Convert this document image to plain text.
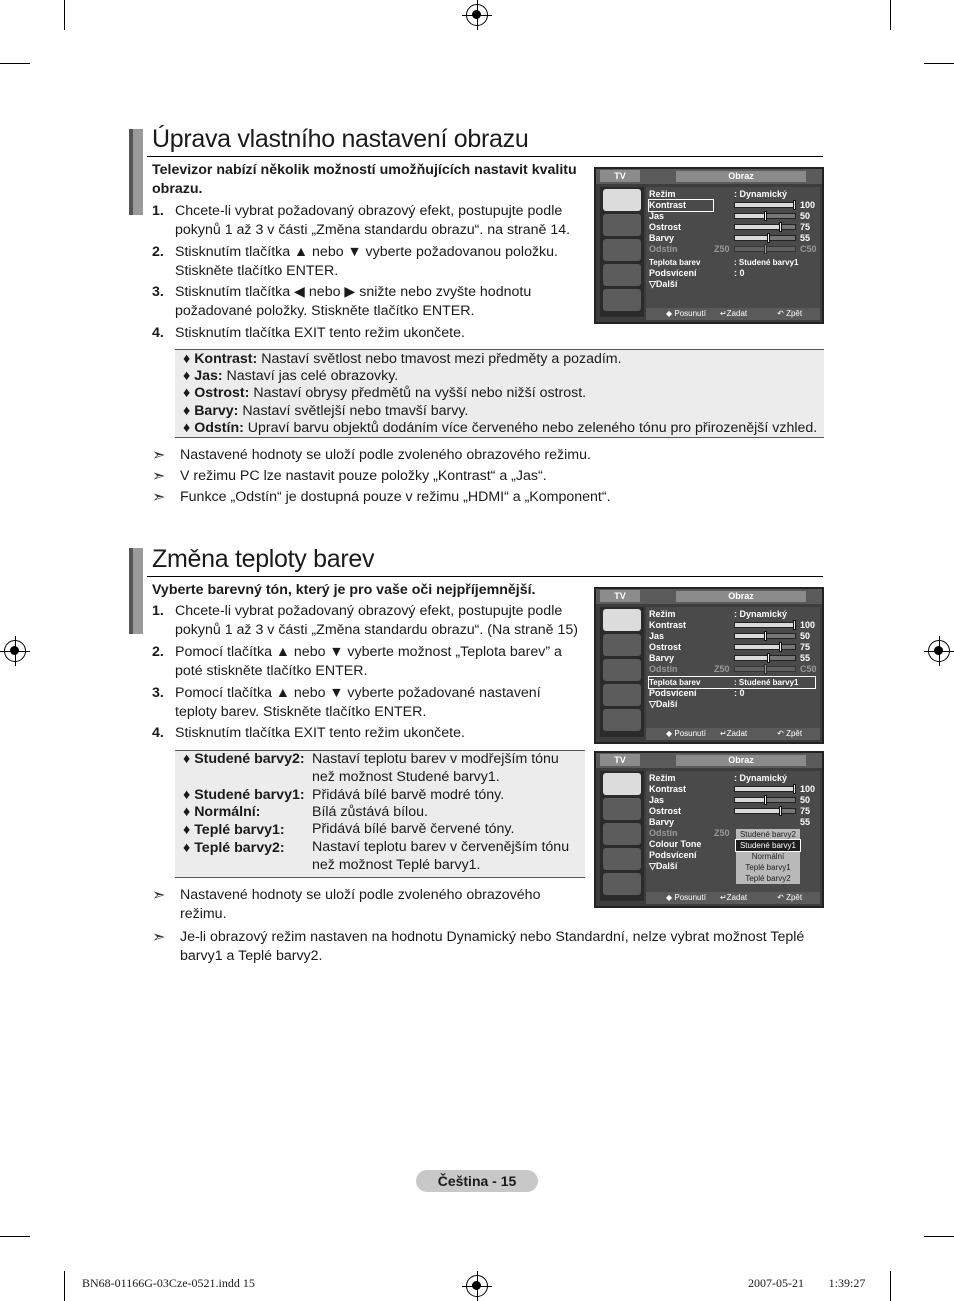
Úprava vlastního nastavení obrazu
Televizor nabízí několik možností umožňujících nastavit kvalitu obrazu.
1. Chcete-li vybrat požadovaný obrazový efekt, postupujte podle pokynů 1 až 3 v části „Změna standardu obrazu“. na straně 14.
2. Stisknutím tlačítka ▲ nebo ▼ vyberte požadovanou položku. Stiskněte tlačítko ENTER.
3. Stisknutím tlačítka ◀ nebo ▶ snižte nebo zvyšte hodnotu požadované položky. Stiskněte tlačítko ENTER.
4. Stisknutím tlačítka EXIT tento režim ukončete.
♦ Kontrast: Nastaví světlost nebo tmavost mezi předměty a pozadím.
♦ Jas: Nastaví jas celé obrazovky.
♦ Ostrost: Nastaví obrysy předmětů na vyšší nebo nižší ostrost.
♦ Barvy: Nastaví světlejší nebo tmavší barvy.
♦ Odstín: Upraví barvu objektů dodáním více červeného nebo zeleného tónu pro přirozenější vzhled.
➣ Nastavené hodnoty se uloží podle zvoleného obrazového režimu.
➣ V režimu PC lze nastavit pouze položky „Kontrast“ a „Jas“.
➣ Funkce „Odstín“ je dostupná pouze v režimu „HDMI“ a „Komponent“.
TV	Obraz
Režim	: Dynamický
Kontrast	100
Jas	50
Ostrost	75
Barvy	55
Odstín	Z50	C50
Teplota barev	: Studené barvy1
Podsvícení	: 0
▽Další
◆ Posunutí ↵Zadat	↶ Zpět
Změna teploty barev
Vyberte barevný tón, který je pro vaše oči nejpříjemnější.
1. Chcete-li vybrat požadovaný obrazový efekt, postupujte podle pokynů 1 až 3 v části „Změna standardu obrazu“. (Na straně 15)
2. Pomocí tlačítka ▲ nebo ▼ vyberte možnost „Teplota barev” a poté stiskněte tlačítko ENTER.
3. Pomocí tlačítka ▲ nebo ▼ vyberte požadované nastavení teploty barev. Stiskněte tlačítko ENTER.
4. Stisknutím tlačítka EXIT tento režim ukončete.
♦ Studené barvy2: Nastaví teplotu barev v modřejším tónu než možnost Studené barvy1.
♦ Studené barvy1: Přidává bílé barvě modré tóny.
♦ Normální:	Bílá zůstává bílou.
♦ Teplé barvy1: Přidává bílé barvě červené tóny.
♦ Teplé barvy2: Nastaví teplotu barev v červenějším tónu než možnost Teplé barvy1.
➣ Nastavené hodnoty se uloží podle zvoleného obrazového režimu.
➣ Je-li obrazový režim nastaven na hodnotu Dynamický nebo Standardní, nelze vybrat možnost Teplé barvy1 a Teplé barvy2.
TV	Obraz
Režim	: Dynamický
Kontrast	100
Jas	50
Ostrost	75
Barvy	55
Odstín	Z50	C50
Teplota barev	: Studené barvy1
Podsvícení	: 0
▽Další
◆ Posunutí ↵Zadat	↶ Zpět
TV	Obraz
Režim	: Dynamický
Kontrast	100
Jas	50
Ostrost	75
Barvy	55
Odstín	Z50
Colour Tone
Podsvícení
▽Další
Studené barvy2
Studené barvy1
Normální
Teplé barvy1
Teplé barvy2
◆ Posunutí ↵Zadat	↶ Zpět
Čeština - 15
BN68-01166G-03Cze-0521.indd 15	2007-05-21 􀀀􀀀 1:39:27
